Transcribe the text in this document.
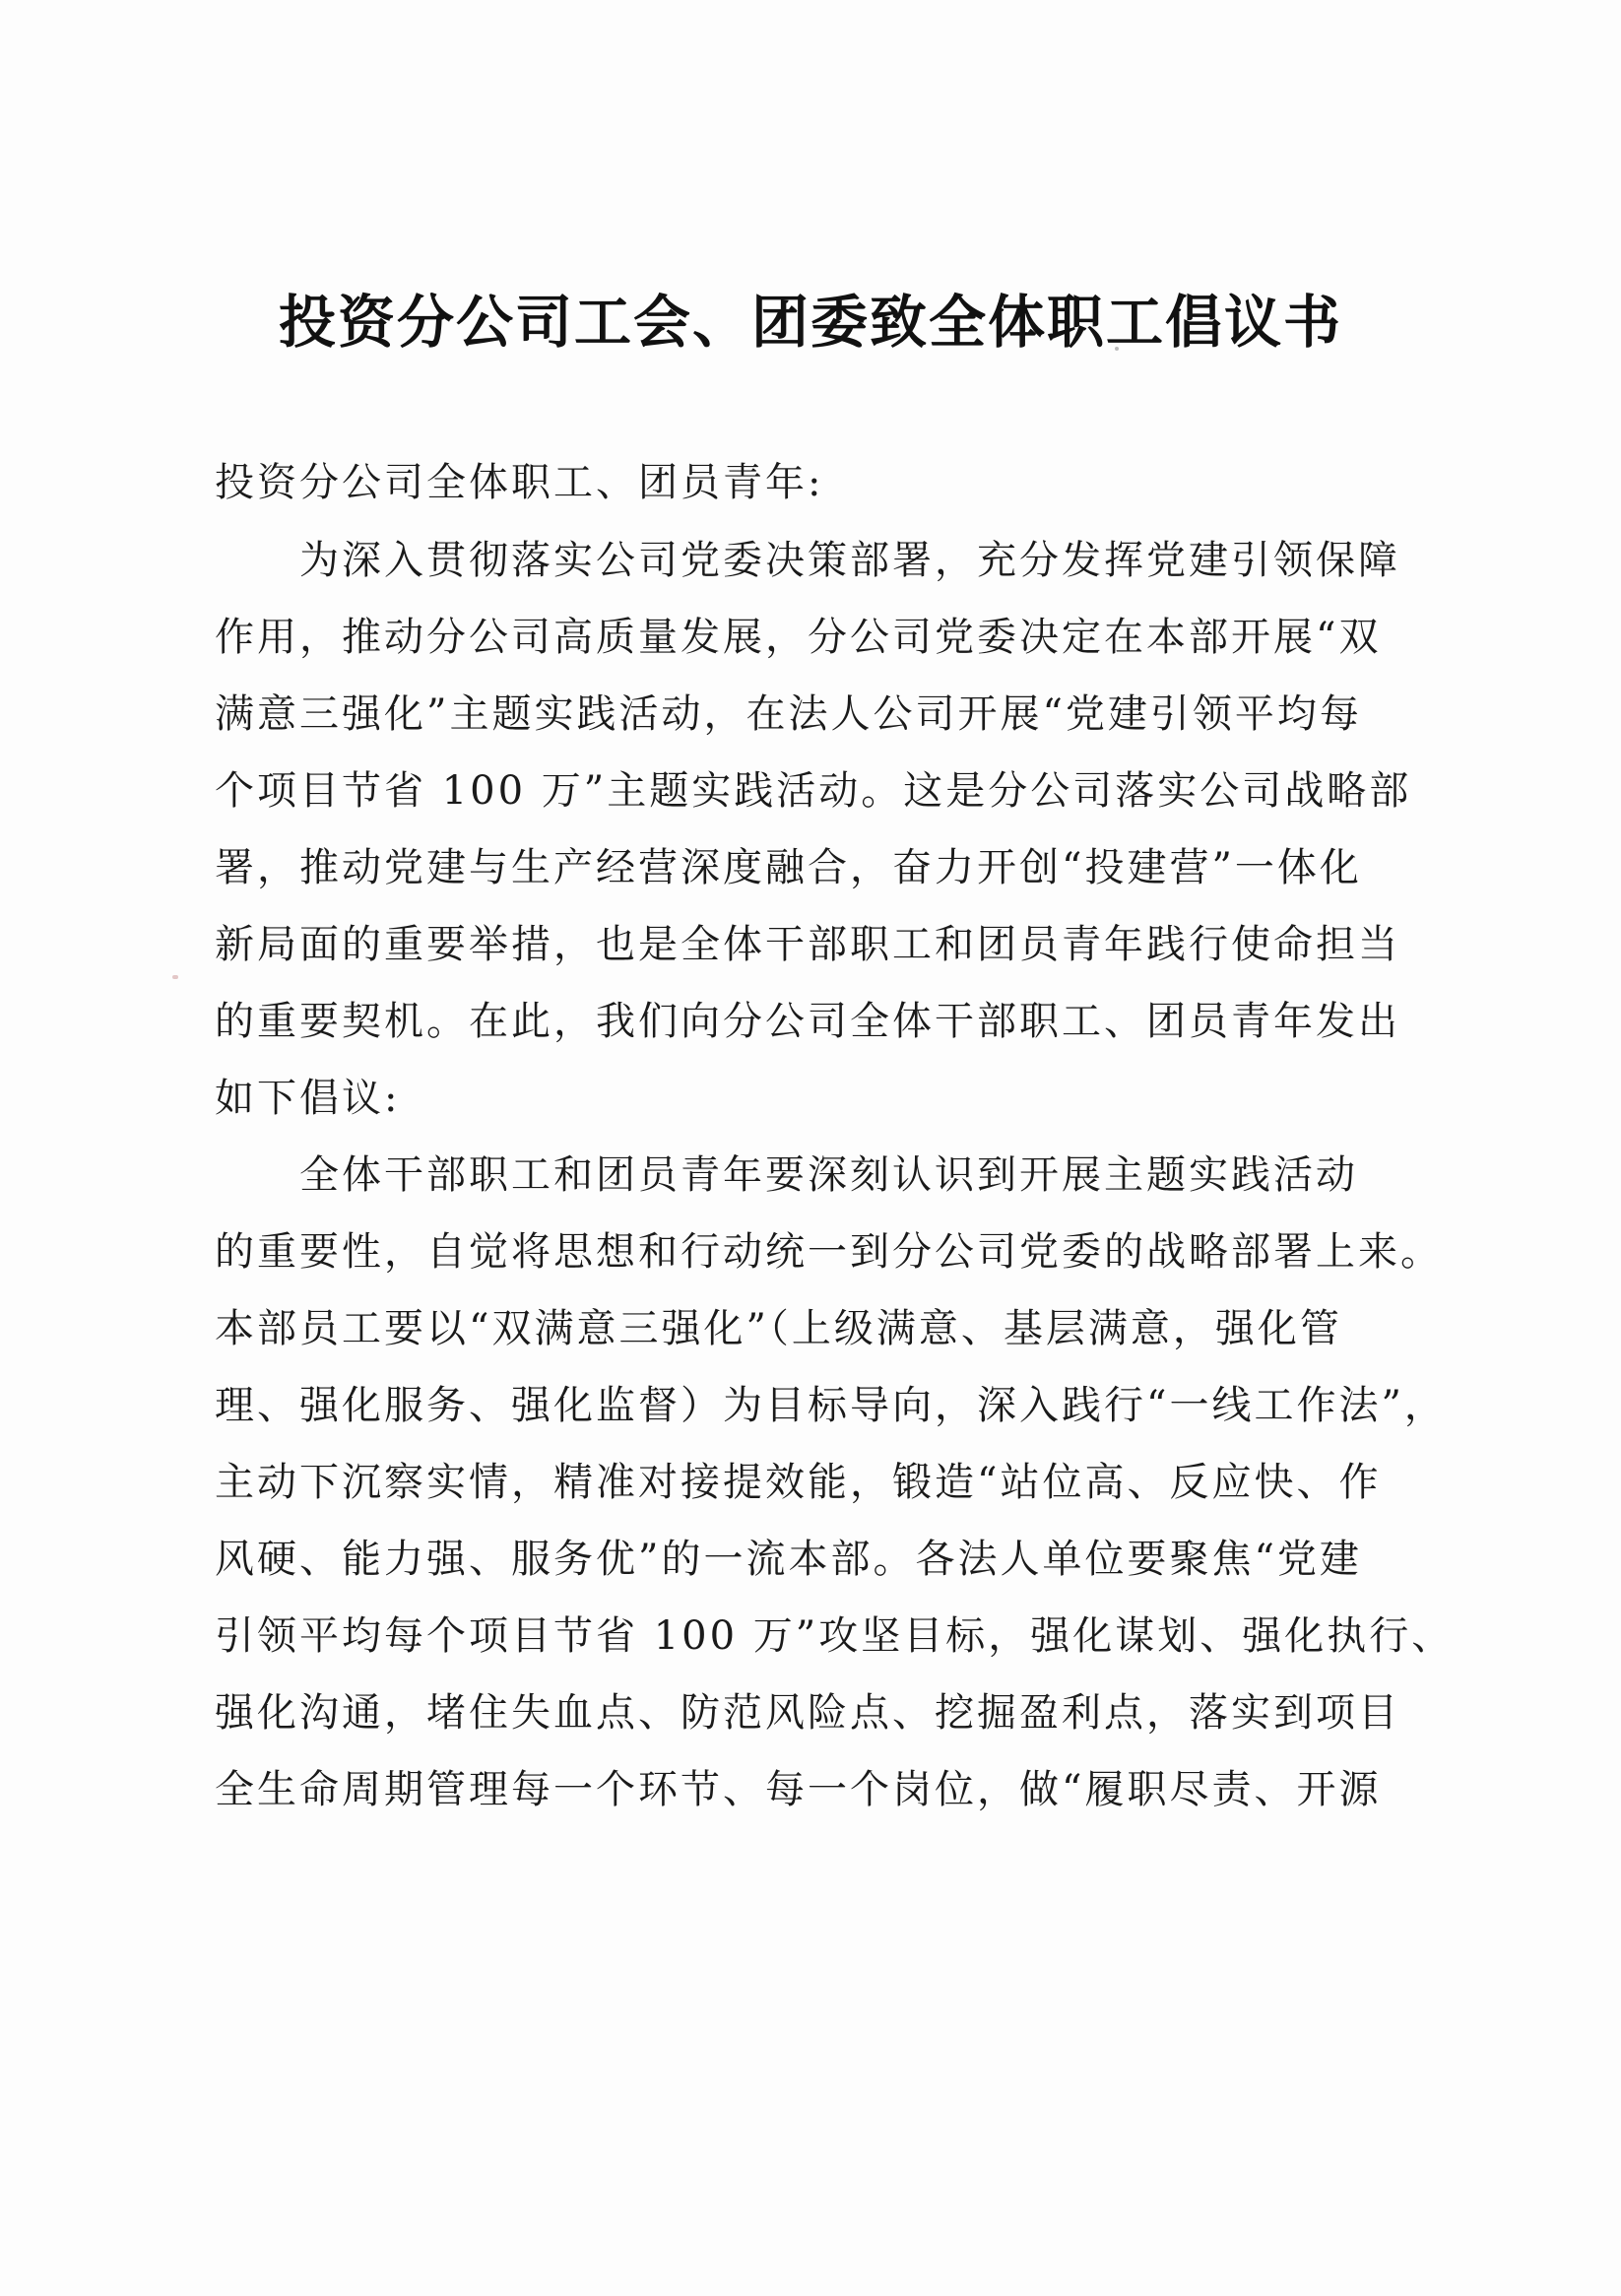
投资分公司工会、团委致全体职工倡议书
投资分公司全体职工、团员青年:
为深入贯彻落实公司党委决策部署，充分发挥党建引领保障
作用，推动分公司高质量发展，分公司党委决定在本部开展“双
满意三强化”主题实践活动，在法人公司开展“党建引领平均每
个项目节省 100 万”主题实践活动。这是分公司落实公司战略部
署，推动党建与生产经营深度融合，奋力开创“投建营”一体化
新局面的重要举措，也是全体干部职工和团员青年践行使命担当
的重要契机。在此，我们向分公司全体干部职工、团员青年发出
如下倡议:
全体干部职工和团员青年要深刻认识到开展主题实践活动
的重要性，自觉将思想和行动统一到分公司党委的战略部署上来。
本部员工要以“双满意三强化”（上级满意、基层满意，强化管
理、强化服务、强化监督）为目标导向，深入践行“一线工作法”，
主动下沉察实情，精准对接提效能，锻造“站位高、反应快、作
风硬、能力强、服务优”的一流本部。各法人单位要聚焦“党建
引领平均每个项目节省 100 万”攻坚目标，强化谋划、强化执行、
强化沟通，堵住失血点、防范风险点、挖掘盈利点，落实到项目
全生命周期管理每一个环节、每一个岗位，做“履职尽责、开源
